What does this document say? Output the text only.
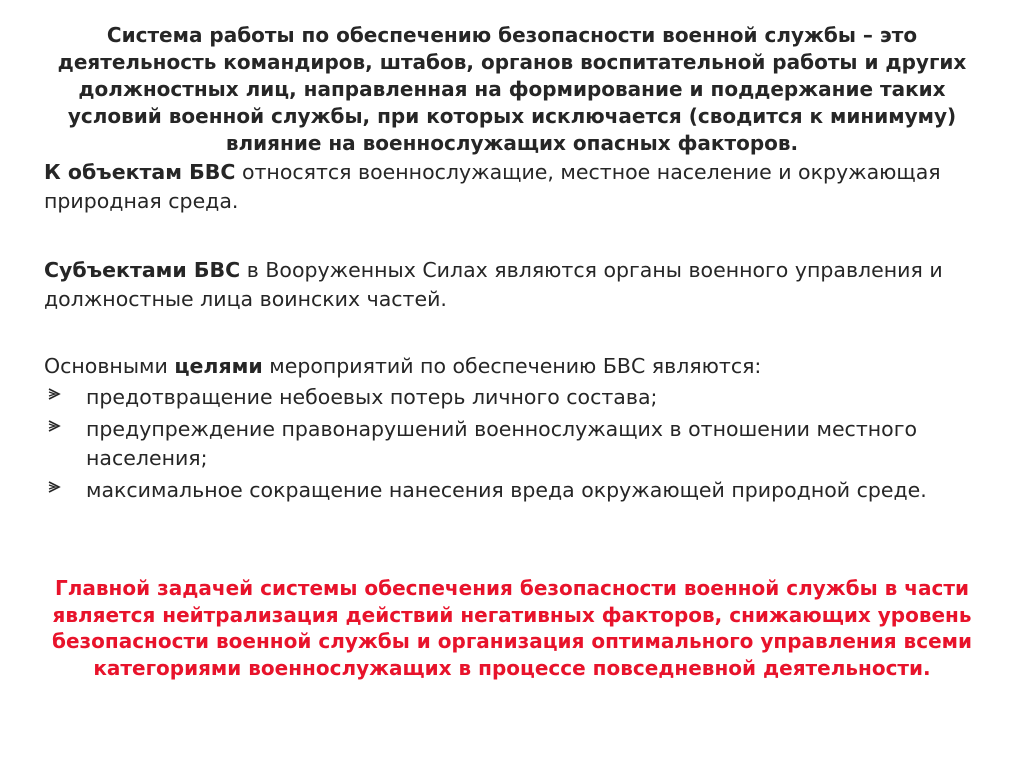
Система работы по обеспечению безопасности военной службы – это деятельность командиров, штабов, органов воспитательной работы и других должностных лиц, направленная на формирование и поддержание таких условий военной службы, при которых исключается (сводится к минимуму) влияние на военнослужащих опасных факторов.
К объектам БВС относятся военнослужащие, местное население и окружающая природная среда.
Субъектами БВС в Вооруженных Силах являются органы военного управления и должностные лица воинских частей.
Основными целями мероприятий по обеспечению БВС являются:
предотвращение небоевых потерь личного состава;
предупреждение правонарушений военнослужащих в отношении местного населения;
максимальное сокращение нанесения вреда окружающей природной среде.
Главной задачей системы обеспечения безопасности военной службы в части является нейтрализация действий негативных факторов, снижающих уровень безопасности военной службы и организация оптимального управления всеми категориями военнослужащих в процессе повседневной деятельности.
